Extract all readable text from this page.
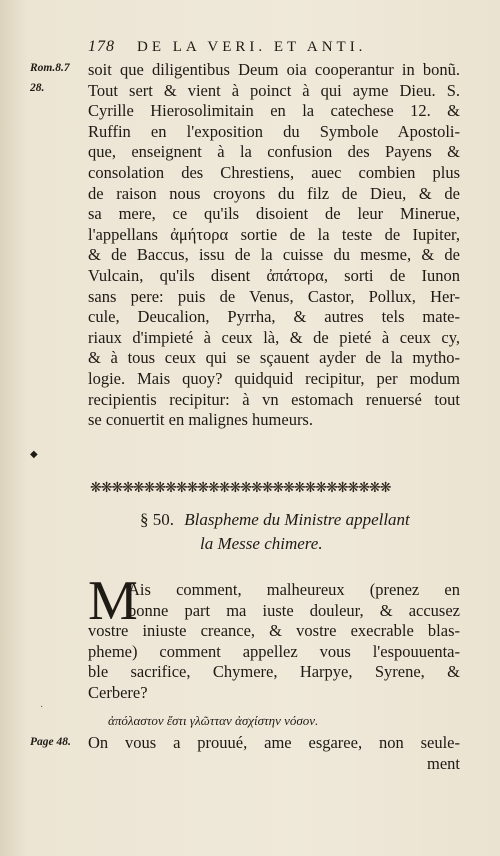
178 DE LA VERI. ET ANTI.
Rom.8.7
28.
soit que diligentibus Deum oia cooperantur in bonũ.
Tout sert & vient à poinct à qui ayme Dieu. S.
Cyrille Hierosolimitain en la catechese 12. &
Ruffin en l'exposition du Symbole Apostoli-
que, enseignent à la confusion des Payens &
consolation des Chrestiens, auec combien plus
de raison nous croyons du filz de Dieu, & de
sa mere, ce qu'ils disoient de leur Minerue,
l'appellans ἀμήτορα sortie de la teste de Iupiter,
& de Baccus, issu de la cuisse du mesme, & de
Vulcain, qu'ils disent ἀπάτορα, sorti de Iunon
sans pere: puis de Venus, Castor, Pollux, Her-
cule, Deucalion, Pyrrha, & autres tels mate-
riaux d'impieté à ceux là, & de pieté à ceux cy,
& à tous ceux qui se sçauent ayder de la mytho-
logie. Mais quoy? quidquid recipitur, per modum
recipientis recipitur: à vn estomach renuersé tout
se conuertit en malignes humeurs.
◆
❋❋❋❋❋❋❋❋❋❋❋❋❋❋❋❋❋❋❋❋❋❋❋❋❋❋❋❋
§ 50. Blaspheme du Ministre appellant
la Messe chimere.
M
Ais comment, malheureux (prenez en
bonne part ma iuste douleur, & accusez
vostre iniuste creance, & vostre execrable blas-
pheme) comment appellez vous l'espouuenta-
ble sacrifice, Chymere, Harpye, Syrene, &
Cerbere?
˙
ἀπόλαστον ἔστι γλῶτταν ἀσχίστην νόσον.
Page 48. On vous a prouué, ame esgaree, non seule-
ment
